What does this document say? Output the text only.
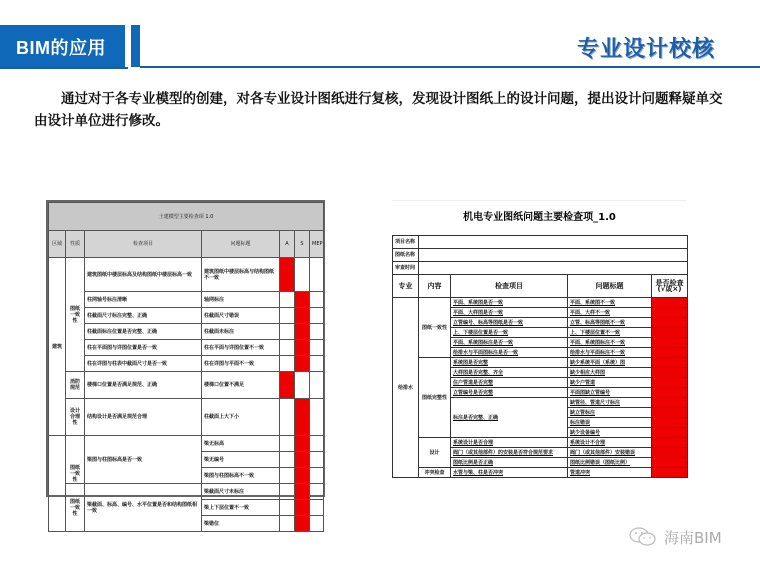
BIM的应用	专业设计校核
通过对于各专业模型的创建，对各专业设计图纸进行复核，发现设计图纸上的设计问题，提出设计问题释疑单交由设计单位进行修改。
土建模型主要检查项 1.0						
区域	性质	检查项目	问题标题	A	S	MEP
建筑	图纸一致性	建筑图纸中楼层标高及结构图纸中楼层标高一致	建筑图纸中楼层标高与结构图纸不一致			
		柱网轴号标注清晰	轴网标注			
		柱截面尺寸标注完整、正确	柱截面尺寸错误			
		柱截面标注位置是否完整、正确	柱截面未标注			
		柱在平面图与详图位置是否一致	柱在平面与详图位置不一致			
		柱在详图与柱表中截面尺寸是否一致	柱在详图与平面不一致			
	消防规范	楼梯口位置是否满足规范、正确	楼梯口位置不满足			
	设计合理性	结构设计是否满足规范合理	柱截面上大下小			
	图纸一致性	梁图与柱图标高是否一致	梁无标高			
			梁无编号			
			梁图与柱图标高不一致			
	图纸一致性	梁截面、标高、编号、水平位置是否和结构图纸相一致	梁截面尺寸未标注			
			梁上下层位置不一致			
			梁错位			
机电专业图纸问题主要检查项_1.0
项目名称				
图纸名称				
审查时间				
专业	内容	检查项目	问题标题	是否检查(√或×)
给排水	图纸一致性	平面、系统图是否一致	平面、系统图不一致	
		平面、大样图是否一致	平面、大样不一致	
		立管编号、标高等图纸是否一致	立管、标高等图纸不一致	
		上、下楼层位置是否一致	上、下楼层位置不一致	
		平面、系统图标注是否一致	平面、系统图标注不一致	
		给排水与平面图标注是否一致	给排水与平面标注不一致	
	图纸完整性	系统图是否完整	缺少系统平面（系统）图	
		大样图是否完整、齐全	缺少相应大样图	
		住户管道是否完整	缺少户管道	
		立管编号是否完整	平面图缺立管编号	
		标注是否完整、正确	缺管径、管道尺寸标注	
			缺立管标注	
			标注错误	
			缺少设备编号	
	设计	系统设计是否合理	系统设计不合理	
		阀门（或其他部件）的安装是否符合规范要求	阀门（或其他部件）安装错误	
		图纸比例是否正确	图纸比例错误（图纸比例）	
	冲突检查	水管与梁、柱是否冲突	管道冲突	
海南BIM
